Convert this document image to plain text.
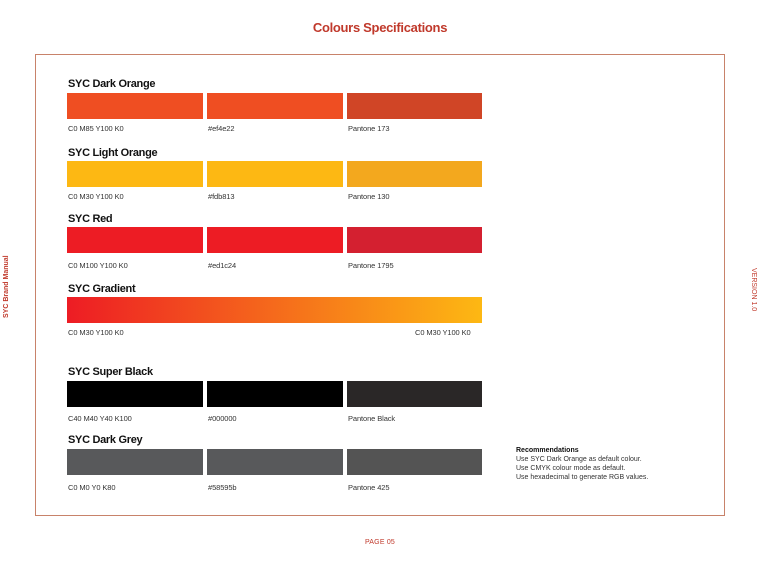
Colours Specifications
SYC Brand Manual	VERSION 1.0
SYC Dark Orange
C0 M85 Y100 K0	#ef4e22	Pantone 173
SYC Light Orange
C0 M30 Y100 K0	#fdb813	Pantone 130
SYC Red
C0 M100 Y100 K0	#ed1c24	Pantone 1795
SYC Gradient
C0 M30 Y100 K0	C0 M30 Y100 K0
SYC Super Black
C40 M40 Y40 K100	#000000	Pantone Black
SYC Dark Grey
C0 M0 Y0 K80	#58595b	Pantone 425
Recommendations
Use SYC Dark Orange as default colour.
Use CMYK colour mode as default.
Use hexadecimal to generate RGB values.
PAGE 05
